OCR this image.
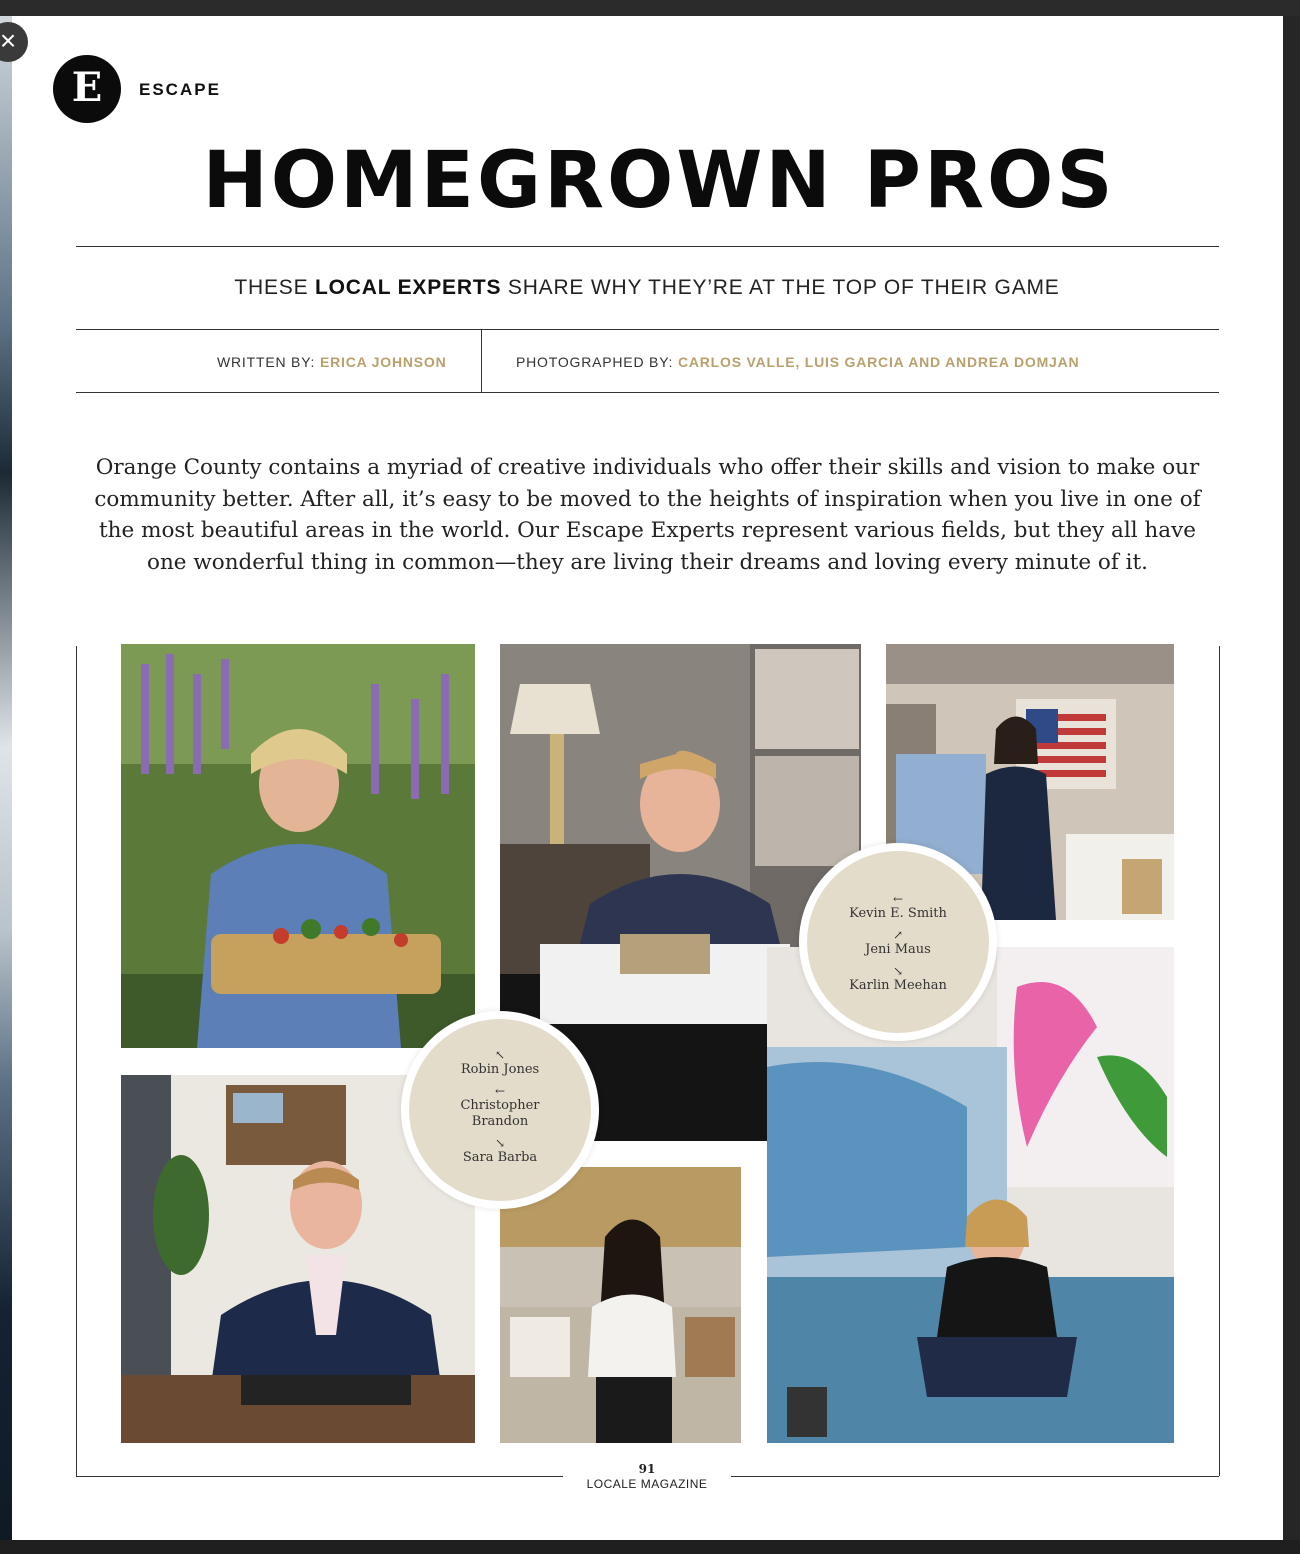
E	ESCAPE
HOMEGROWN PROS
THESE LOCAL EXPERTS SHARE WHY THEY’RE AT THE TOP OF THEIR GAME
WRITTEN BY: ERICA JOHNSON	PHOTOGRAPHED BY: CARLOS VALLE, LUIS GARCIA AND ANDREA DOMJAN
Orange County contains a myriad of creative individuals who offer their skills and vision to make our community better. After all, it’s easy to be moved to the heights of inspiration when you live in one of the most beautiful areas in the world. Our Escape Experts represent various fields, but they all have one wonderful thing in common—they are living their dreams and loving every minute of it.
←
Kevin E. Smith
↗
Jeni Maus
↘
Karlin Meehan
↖
Robin Jones
←
Christopher Brandon
↘
Sara Barba
91
LOCALE MAGAZINE
×
